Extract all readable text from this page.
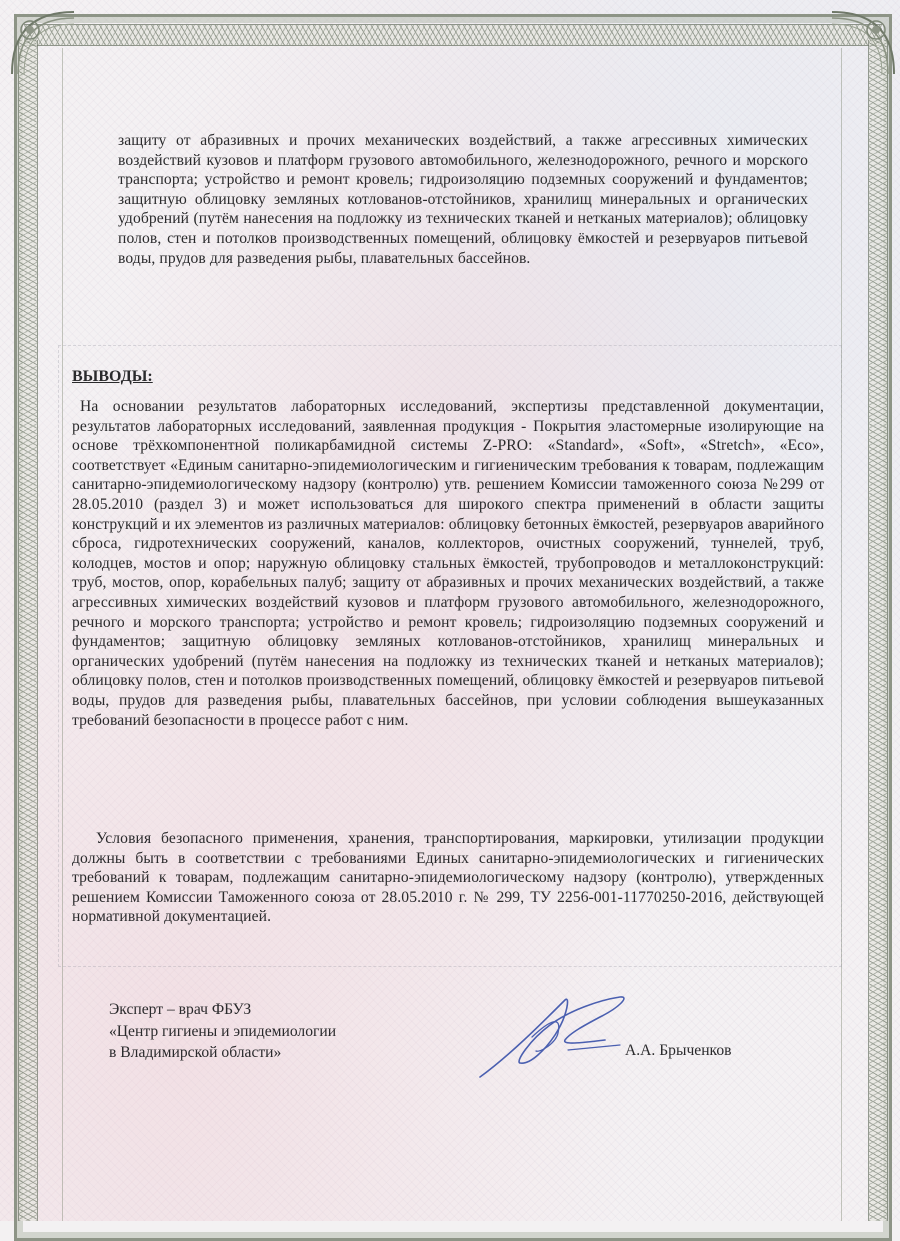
защиту от абразивных и прочих механических воздействий, а также агрессивных химических воздействий кузовов и платформ грузового автомобильного, железнодорожного, речного и морского транспорта; устройство и ремонт кровель; гидроизоляцию подземных сооружений и фундаментов; защитную облицовку земляных котлованов-отстойников, хранилищ минеральных и органических удобрений (путём нанесения на подложку из технических тканей и нетканых материалов); облицовку полов, стен и потолков производственных помещений, облицовку ёмкостей и резервуаров питьевой воды, прудов для разведения рыбы, плавательных бассейнов.

ВЫВОДЫ:

На основании результатов лабораторных исследований, экспертизы представленной документации, результатов лабораторных исследований, заявленная продукция - Покрытия эластомерные изолирующие на основе трёхкомпонентной поликарбамидной системы Z-PRO: «Standard», «Soft», «Stretch», «Eco», соответствует «Единым санитарно-эпидемиологическим и гигиеническим требования к товарам, подлежащим санитарно-эпидемиологическому надзору (контролю) утв. решением Комиссии таможенного союза №299 от 28.05.2010 (раздел 3) и может использоваться для широкого спектра применений в области защиты конструкций и их элементов из различных материалов: облицовку бетонных ёмкостей, резервуаров аварийного сброса, гидротехнических сооружений, каналов, коллекторов, очистных сооружений, туннелей, труб, колодцев, мостов и опор; наружную облицовку стальных ёмкостей, трубопроводов и металлоконструкций: труб, мостов, опор, корабельных палуб; защиту от абразивных и прочих механических воздействий, а также агрессивных химических воздействий кузовов и платформ грузового автомобильного, железнодорожного, речного и морского транспорта; устройство и ремонт кровель; гидроизоляцию подземных сооружений и фундаментов; защитную облицовку земляных котлованов-отстойников, хранилищ минеральных и органических удобрений (путём нанесения на подложку из технических тканей и нетканых материалов); облицовку полов, стен и потолков производственных помещений, облицовку ёмкостей и резервуаров питьевой воды, прудов для разведения рыбы, плавательных бассейнов, при условии соблюдения вышеуказанных требований безопасности в процессе работ с ним.

Условия безопасного применения, хранения, транспортирования, маркировки, утилизации продукции должны быть в соответствии с требованиями Единых санитарно-эпидемиологических и гигиенических требований к товарам, подлежащим санитарно-эпидемиологическому надзору (контролю), утвержденных решением Комиссии Таможенного союза от 28.05.2010 г. № 299, ТУ 2256-001-11770250-2016, действующей нормативной документацией.

Эксперт – врач ФБУЗ
«Центр гигиены и эпидемиологии
в Владимирской области»	А.А. Брыченков
